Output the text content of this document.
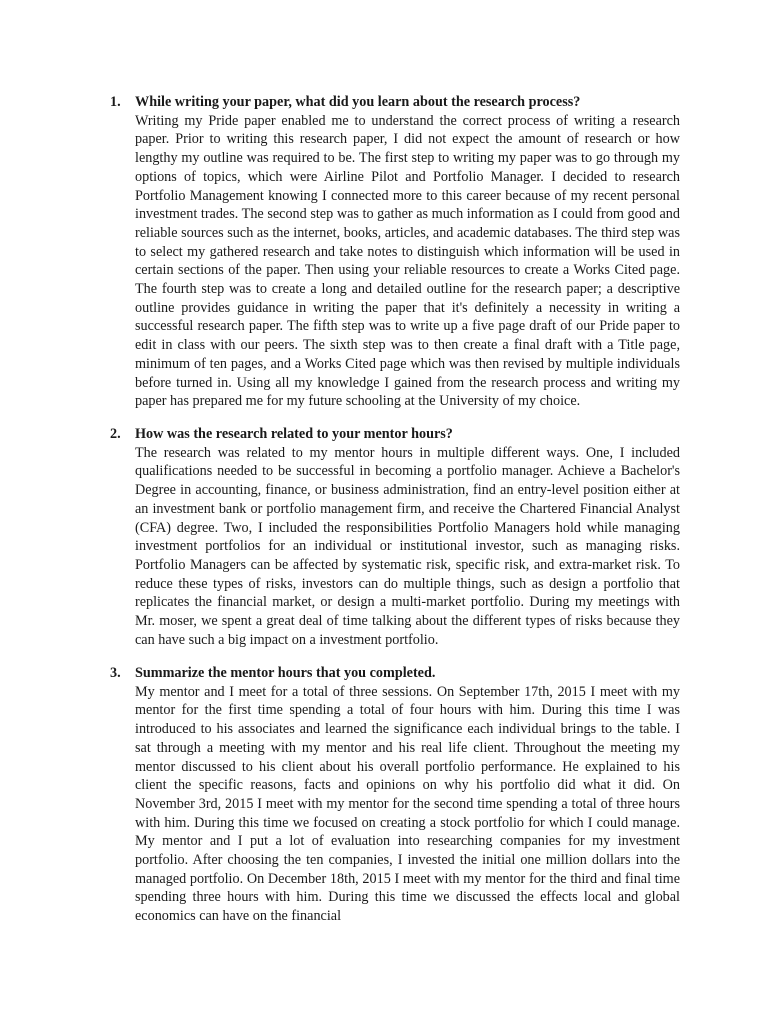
1.	While writing your paper, what did you learn about the research process?
Writing my Pride paper enabled me to understand the correct process of writing a research paper. Prior to writing this research paper, I did not expect the amount of research or how lengthy my outline was required to be. The first step to writing my paper was to go through my options of topics, which were Airline Pilot and Portfolio Manager. I decided to research Portfolio Management knowing I connected more to this career because of my recent personal investment trades. The second step was to gather as much information as I could from good and reliable sources such as the internet, books, articles, and academic databases. The third step was to select my gathered research and take notes to distinguish which information will be used in certain sections of the paper. Then using your reliable resources to create a Works Cited page. The fourth step was to create a long and detailed outline for the research paper; a descriptive outline provides guidance in writing the paper that it's definitely a necessity in writing a successful research paper. The fifth step was to write up a five page draft of our Pride paper to edit in class with our peers. The sixth step was to then create a final draft with a Title page, minimum of ten pages, and a Works Cited page which was then revised by multiple individuals before turned in. Using all my knowledge I gained from the research process and writing my paper has prepared me for my future schooling at the University of my choice.
2.	How was the research related to your mentor hours?
The research was related to my mentor hours in multiple different ways. One, I included qualifications needed to be successful in becoming a portfolio manager. Achieve a Bachelor's Degree in accounting, finance, or business administration, find an entry-level position either at an investment bank or portfolio management firm, and receive the Chartered Financial Analyst (CFA) degree. Two, I included the responsibilities Portfolio Managers hold while managing investment portfolios for an individual or institutional investor, such as managing risks. Portfolio Managers can be affected by systematic risk, specific risk, and extra-market risk. To reduce these types of risks, investors can do multiple things, such as design a portfolio that replicates the financial market, or design a multi-market portfolio. During my meetings with Mr. moser, we spent a great deal of time talking about the different types of risks because they can have such a big impact on a investment portfolio.
3.	Summarize the mentor hours that you completed.
My mentor and I meet for a total of three sessions. On September 17th, 2015 I meet with my mentor for the first time spending a total of four hours with him. During this time I was introduced to his associates and learned the significance each individual brings to the table. I sat through a meeting with my mentor and his real life client. Throughout the meeting my mentor discussed to his client about his overall portfolio performance. He explained to his client the specific reasons, facts and opinions on why his portfolio did what it did. On November 3rd, 2015 I meet with my mentor for the second time spending a total of three hours with him. During this time we focused on creating a stock portfolio for which I could manage. My mentor and I put a lot of evaluation into researching companies for my investment portfolio. After choosing the ten companies, I invested the initial one million dollars into the managed portfolio. On December 18th, 2015 I meet with my mentor for the third and final time spending three hours with him. During this time we discussed the effects local and global economics can have on the financial
